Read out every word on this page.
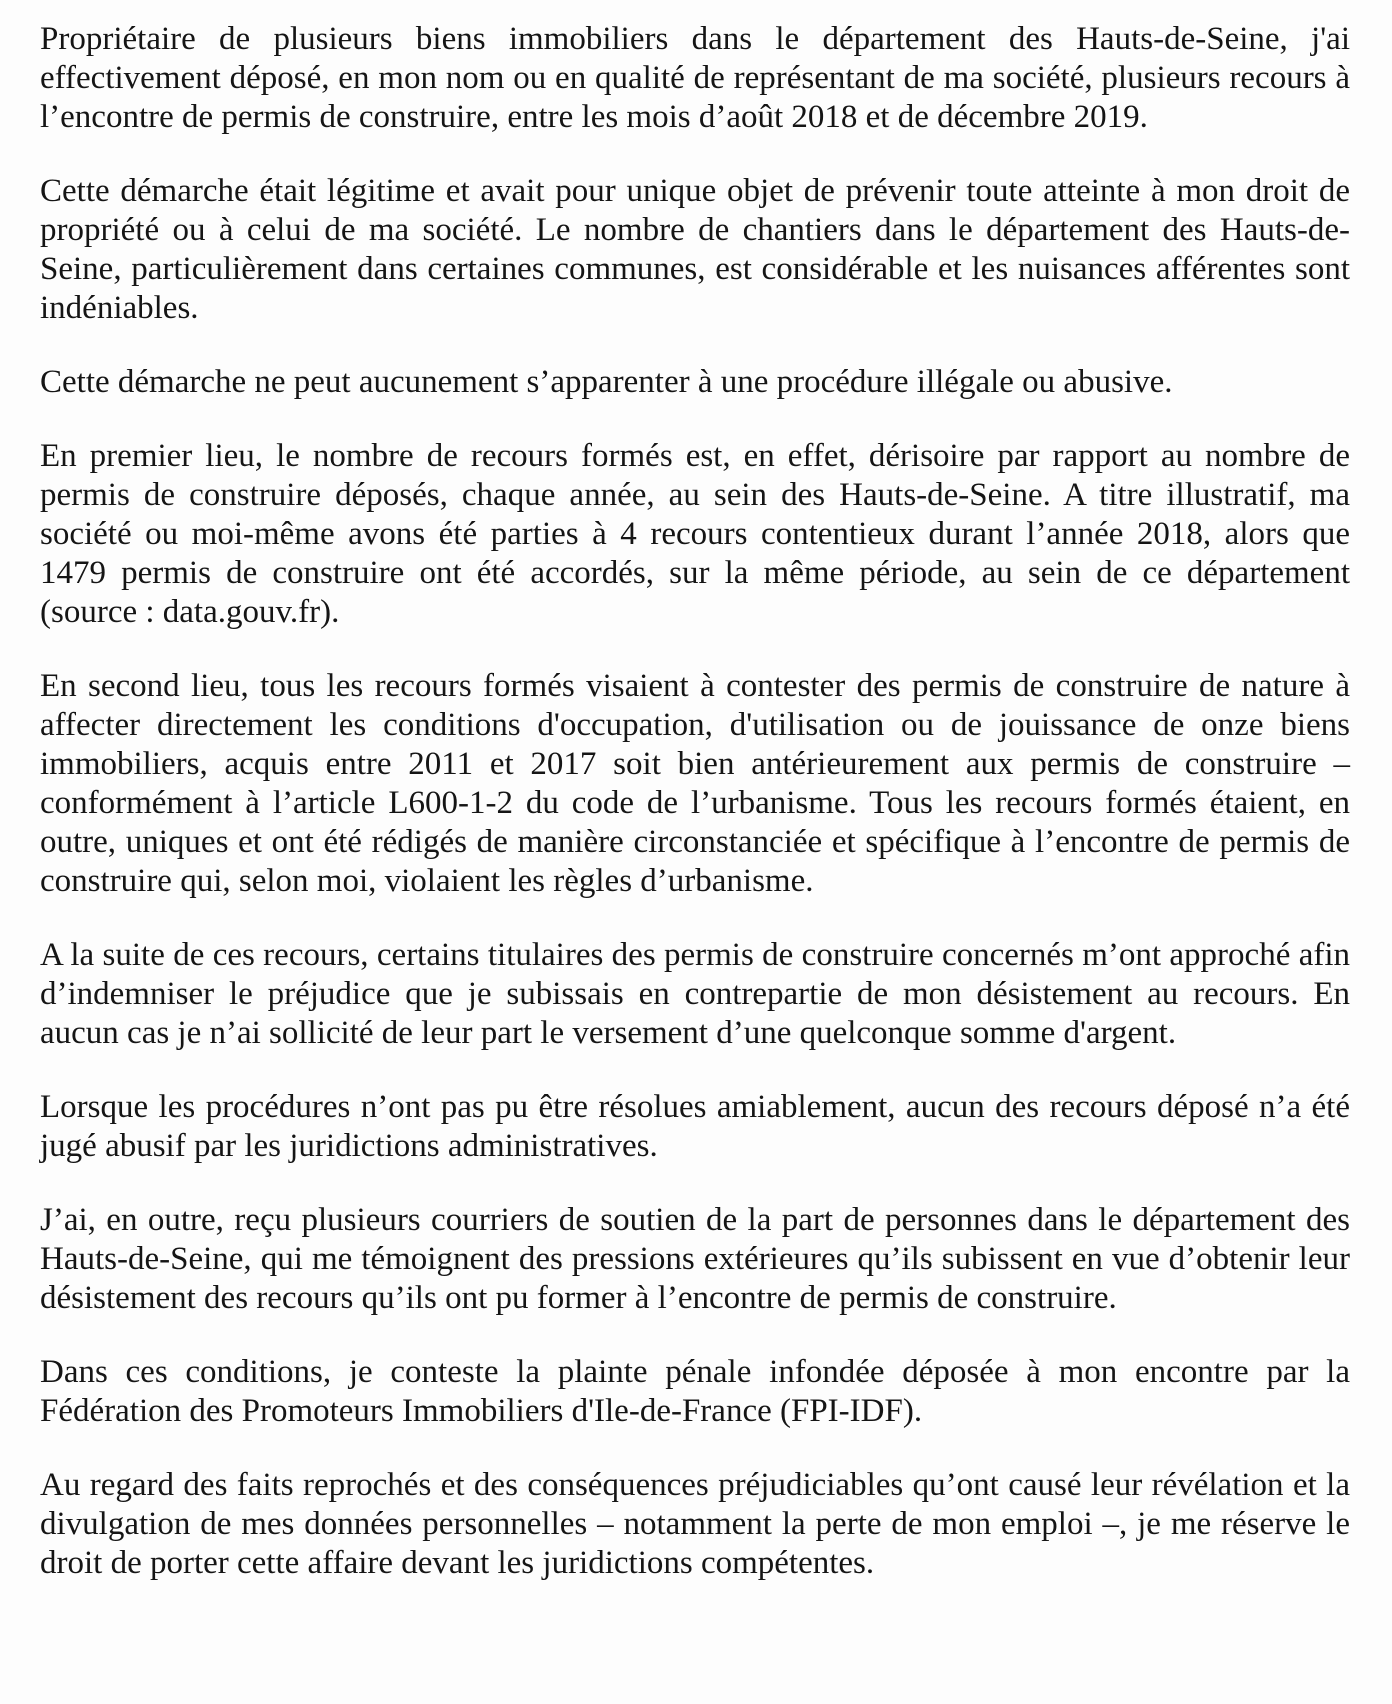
Propriétaire de plusieurs biens immobiliers dans le département des Hauts-de-Seine, j'ai effectivement déposé, en mon nom ou en qualité de représentant de ma société, plusieurs recours à l’encontre de permis de construire, entre les mois d’août 2018 et de décembre 2019.

Cette démarche était légitime et avait pour unique objet de prévenir toute atteinte à mon droit de propriété ou à celui de ma société. Le nombre de chantiers dans le département des Hauts-de-Seine, particulièrement dans certaines communes, est considérable et les nuisances afférentes sont indéniables.

Cette démarche ne peut aucunement s’apparenter à une procédure illégale ou abusive.

En premier lieu, le nombre de recours formés est, en effet, dérisoire par rapport au nombre de permis de construire déposés, chaque année, au sein des Hauts-de-Seine. A titre illustratif, ma société ou moi-même avons été parties à 4 recours contentieux durant l’année 2018, alors que 1479 permis de construire ont été accordés, sur la même période, au sein de ce département (source : data.gouv.fr).

En second lieu, tous les recours formés visaient à contester des permis de construire de nature à affecter directement les conditions d'occupation, d'utilisation ou de jouissance de onze biens immobiliers, acquis entre 2011 et 2017 soit bien antérieurement aux permis de construire – conformément à l’article L600-1-2 du code de l’urbanisme. Tous les recours formés étaient, en outre, uniques et ont été rédigés de manière circonstanciée et spécifique à l’encontre de permis de construire qui, selon moi, violaient les règles d’urbanisme.

A la suite de ces recours, certains titulaires des permis de construire concernés m’ont approché afin d’indemniser le préjudice que je subissais en contrepartie de mon désistement au recours. En aucun cas je n’ai sollicité de leur part le versement d’une quelconque somme d'argent.

Lorsque les procédures n’ont pas pu être résolues amiablement, aucun des recours déposé n’a été jugé abusif par les juridictions administratives.

J’ai, en outre, reçu plusieurs courriers de soutien de la part de personnes dans le département des Hauts-de-Seine, qui me témoignent des pressions extérieures qu’ils subissent en vue d’obtenir leur désistement des recours qu’ils ont pu former à l’encontre de permis de construire.

Dans ces conditions, je conteste la plainte pénale infondée déposée à mon encontre par la Fédération des Promoteurs Immobiliers d'Ile-de-France (FPI-IDF).

Au regard des faits reprochés et des conséquences préjudiciables qu’ont causé leur révélation et la divulgation de mes données personnelles – notamment la perte de mon emploi –, je me réserve le droit de porter cette affaire devant les juridictions compétentes.
